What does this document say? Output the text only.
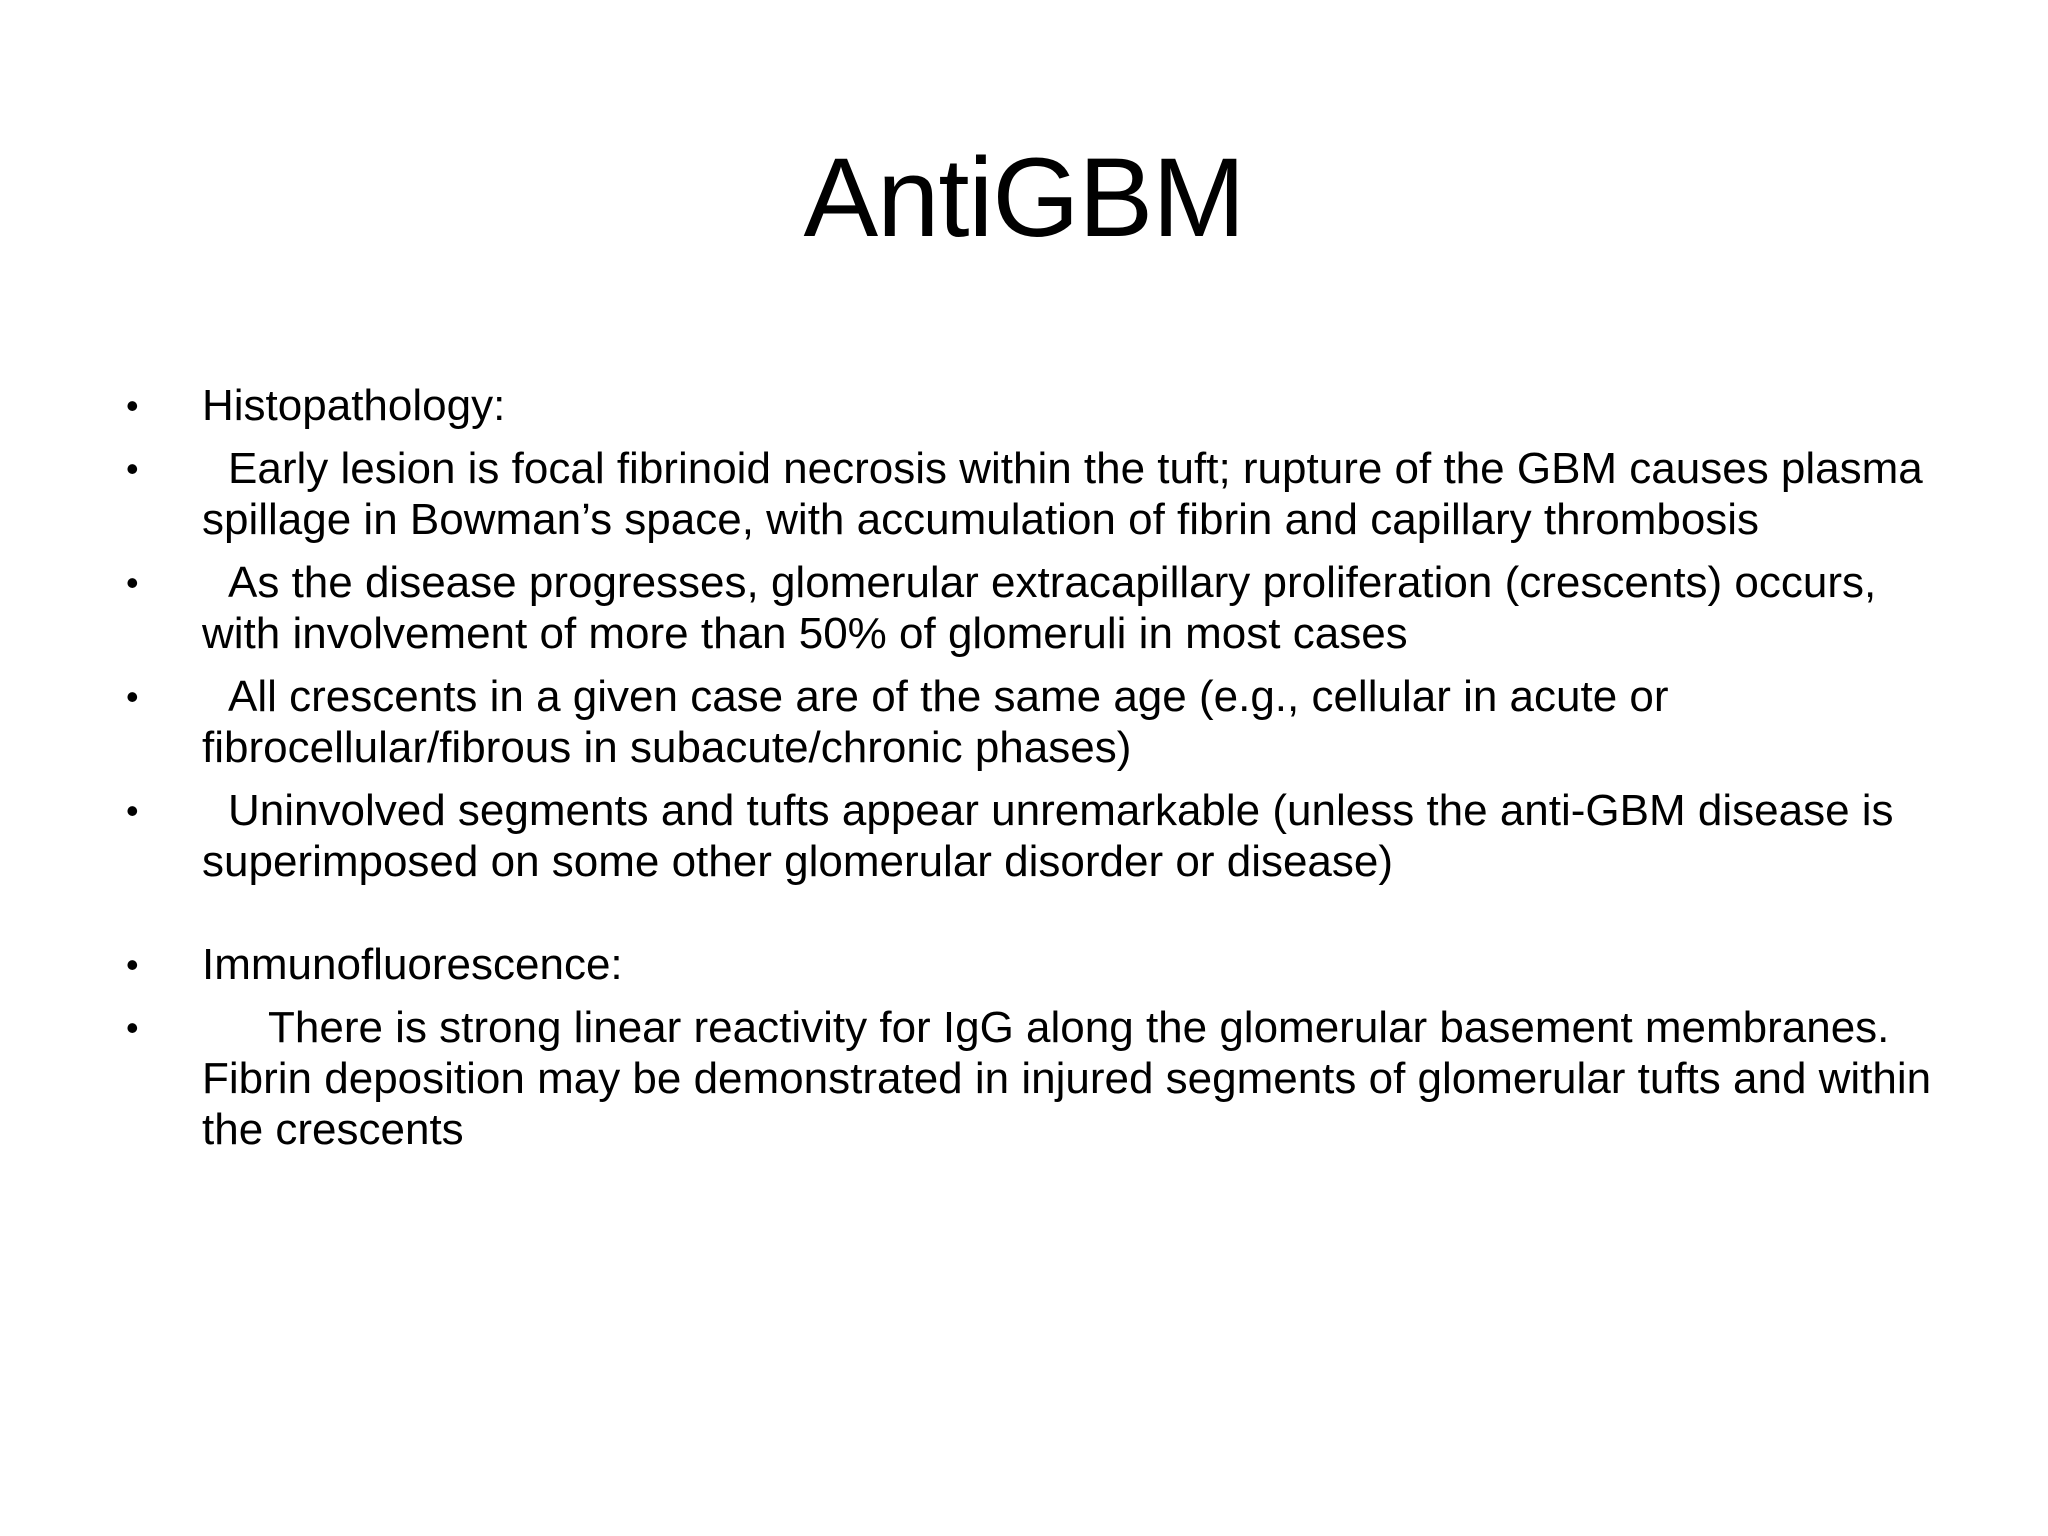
AntiGBM
•	Histopathology:
•	Early lesion is focal fibrinoid necrosis within the tuft; rupture of the GBM causes plasma spillage in Bowman’s space, with accumulation of fibrin and capillary thrombosis
•	As the disease progresses, glomerular extracapillary proliferation (crescents) occurs, with involvement of more than 50% of glomeruli in most cases
•	All crescents in a given case are of the same age (e.g., cellular in acute or fibrocellular/fibrous in subacute/chronic phases)
•	Uninvolved segments and tufts appear unremarkable (unless the anti-GBM disease is superimposed on some other glomerular disorder or disease)
•	Immunofluorescence:
•	There is strong linear reactivity for IgG along the glomerular basement membranes. Fibrin deposition may be demonstrated in injured segments of glomerular tufts and within the crescents
